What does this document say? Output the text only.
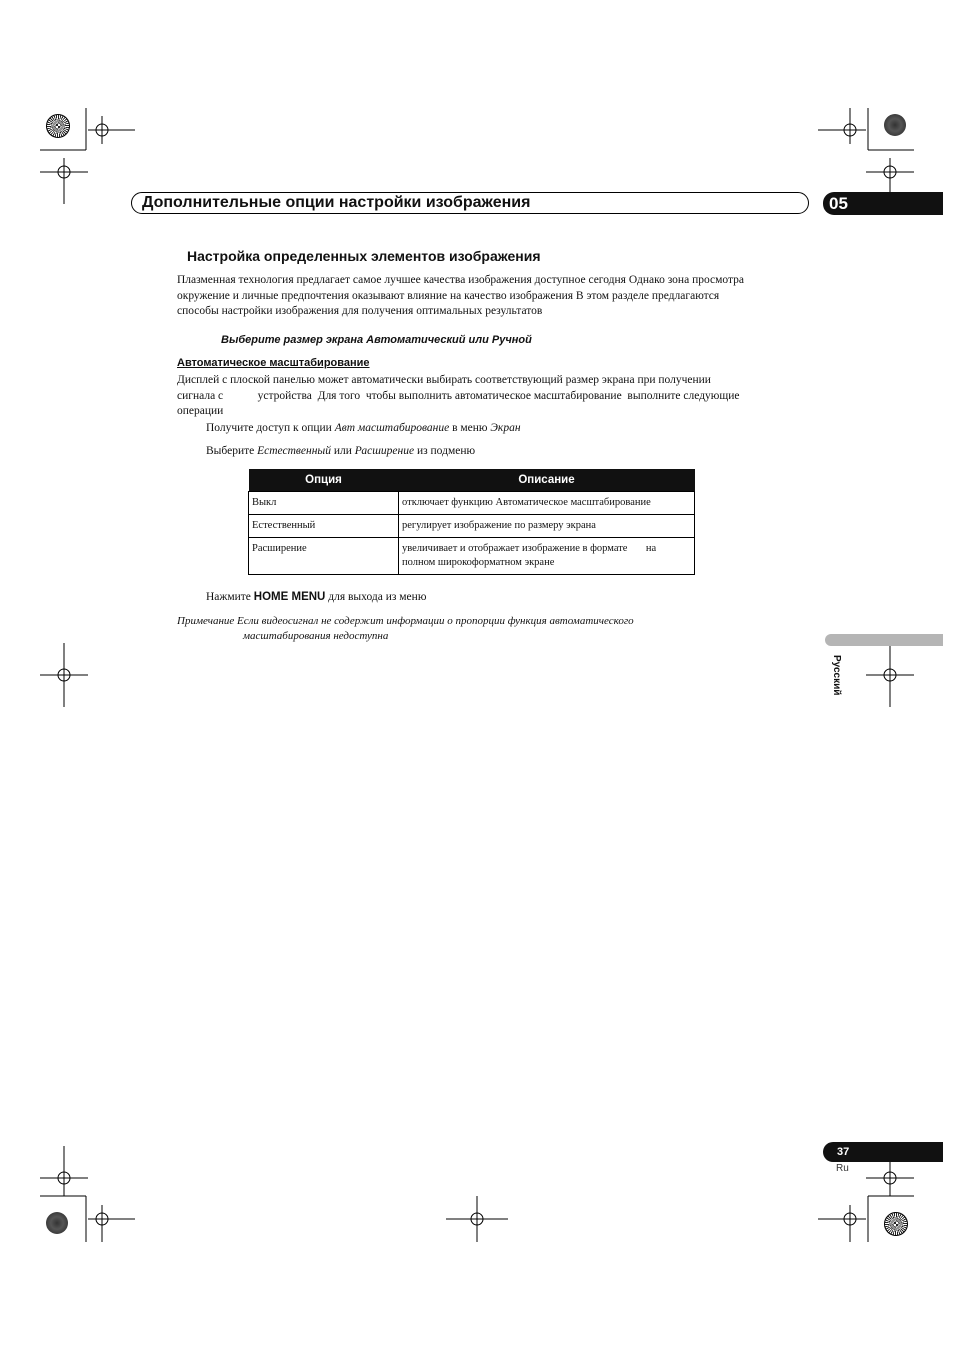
Дополнительные опции настройки изображения	05
Настройка определенных элементов изображения
Плазменная технология предлагает самое лучшее качества изображения доступное сегодня Однако зона просмотра
окружение и личные предпочтения оказывают влияние на качество изображения В этом разделе предлагаются
способы настройки изображения для получения оптимальных результатов
Выберите размер экрана Автоматический или Ручной
Автоматическое масштабирование
Дисплей с плоской панелью может автоматически выбирать соответствующий размер экрана при получении
сигнала с            устройства  Для того  чтобы выполнить автоматическое масштабирование  выполните следующие
операции
Получите доступ к опции Авт масштабирование в меню Экран
Выберите Естественный или Расширение из подменю
Опция	Описание
Выкл	отключает функцию Автоматическое масштабирование
Естественный	регулирует изображение по размеру экрана
Расширение	увеличивает и отображает изображение в формате       на
полном широкоформатном экране
Нажмите HOME MENU для выхода из меню
Примечание Если видеосигнал не содержит информации о пропорции функция автоматического
масштабирования недоступна
Русский
37
Ru
